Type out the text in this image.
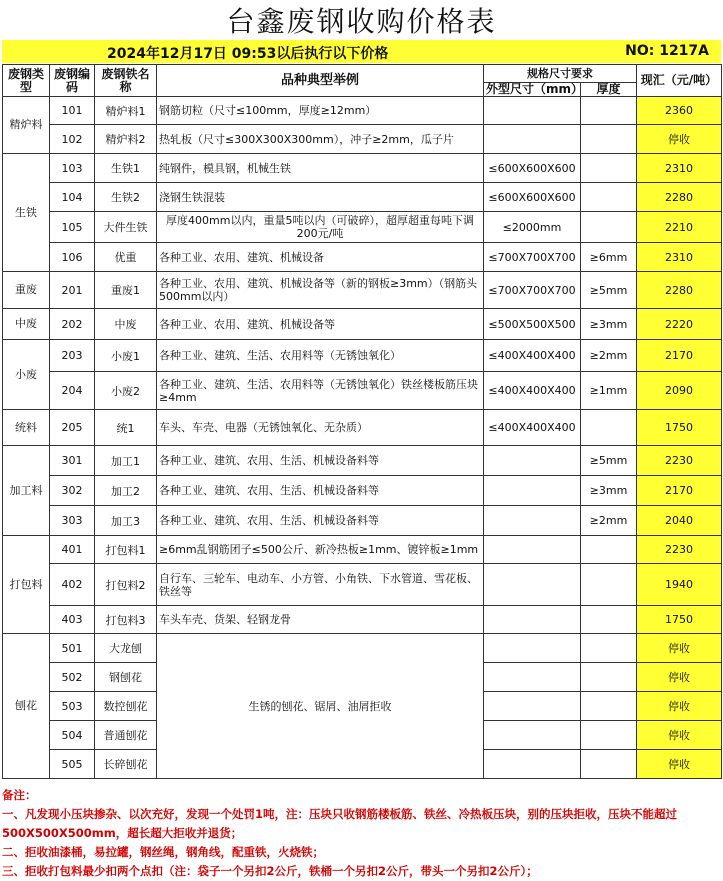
台鑫废钢收购价格表
2024年12月17日 09:53以后执行以下价格	NO: 1217A
废钢类型	废钢编码	废钢铁名称	品种典型举例	规格尺寸要求		现汇（元/吨）
				外型尺寸（mm）	厚度	
精炉料	101	精炉料1	钢筋切粒（尺寸≤100mm，厚度≥12mm）			2360
	102	精炉料2	热轧板（尺寸≤300X300X300mm），冲子≥2mm，瓜子片			停收
生铁	103	生铁1	纯钢件，模具钢，机械生铁	≤600X600X600		2310
	104	生铁2	浇钢生铁混装	≤600X600X600		2280
	105	大件生铁	厚度400mm以内，重量5吨以内（可破碎），超厚超重每吨下调200元/吨	≤2000mm		2210
	106	优重	各种工业、农用、建筑、机械设备	≤700X700X700	≥6mm	2310
重废	201	重废1	各种工业、农用、建筑、机械设备等（新的钢板≥3mm）（钢筋头500mm以内）	≤700X700X700	≥5mm	2280
中废	202	中废	各种工业、农用、建筑、机械设备等	≤500X500X500	≥3mm	2220
小废	203	小废1	各种工业、建筑、生活、农用料等（无锈蚀氧化）	≤400X400X400	≥2mm	2170
	204	小废2	各种工业、建筑、生活、农用料等（无锈蚀氧化）铁丝楼板筋压块≥4mm	≤400X400X400	≥1mm	2090
统料	205	统1	车头、车壳、电器（无锈蚀氧化、无杂质）	≤400X400X400		1750
加工料	301	加工1	各种工业、建筑、农用、生活、机械设备料等		≥5mm	2230
	302	加工2	各种工业、建筑、农用、生活、机械设备料等		≥3mm	2170
	303	加工3	各种工业、建筑、农用、生活、机械设备料等		≥2mm	2040
打包料	401	打包料1	≥6mm乱钢筋团子≤500公斤、新冷热板≥1mm、镀锌板≥1mm			2230
	402	打包料2	自行车、三轮车、电动车、小方管、小角铁、下水管道、雪花板、铁丝等			1940
	403	打包料3	车头车壳、货架、轻钢龙骨			1750
刨花	501	大龙刨	生锈的刨花、锯屑、油屑拒收			停收
	502	钢刨花				停收
	503	数控刨花				停收
	504	普通刨花				停收
	505	长碎刨花				停收
备注：
一、凡发现小压块掺杂、以次充好，发现一个处罚1吨，注：压块只收钢筋楼板筋、铁丝、冷热板压块，别的压块拒收，压块不能超过500X500X500mm，超长超大拒收并退货；
二、拒收油漆桶，易拉罐，钢丝绳，钢角线，配重铁，火烧铁；
三、拒收打包料最少扣两个点扣（注：袋子一个另扣2公斤，铁桶一个另扣2公斤，带头一个另扣2公斤）；
